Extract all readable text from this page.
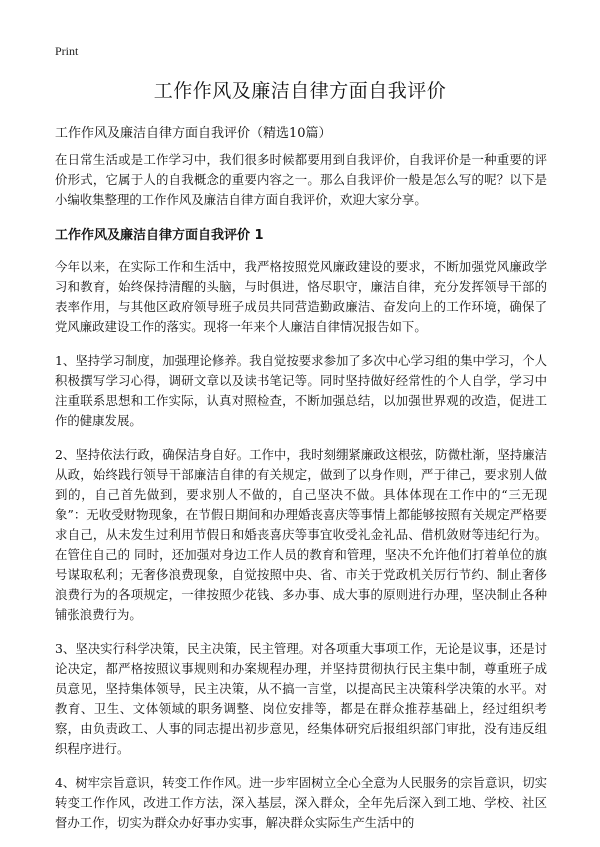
Print
工作作风及廉洁自律方面自我评价

工作作风及廉洁自律方面自我评价（精选10篇）

在日常生活或是工作学习中，我们很多时候都要用到自我评价，自我评价是一种重要的评价形式，它属于人的自我概念的重要内容之一。那么自我评价一般是怎么写的呢？以下是小编收集整理的工作作风及廉洁自律方面自我评价，欢迎大家分享。

工作作风及廉洁自律方面自我评价 1

今年以来，在实际工作和生活中，我严格按照党风廉政建设的要求，不断加强党风廉政学习和教育，始终保持清醒的头脑，与时俱进，恪尽职守，廉洁自律，充分发挥领导干部的表率作用，与其他区政府领导班子成员共同营造勤政廉洁、奋发向上的工作环境，确保了党风廉政建设工作的落实。现将一年来个人廉洁自律情况报告如下。

1、坚持学习制度，加强理论修养。我自觉按要求参加了多次中心学习组的集中学习，个人积极撰写学习心得，调研文章以及读书笔记等。同时坚持做好经常性的个人自学，学习中注重联系思想和工作实际，认真对照检查，不断加强总结，以加强世界观的改造，促进工作的健康发展。

2、坚持依法行政，确保洁身自好。工作中，我时刻绷紧廉政这根弦，防微杜渐，坚持廉洁从政，始终践行领导干部廉洁自律的有关规定，做到了以身作则，严于律己，要求别人做到的，自己首先做到，要求别人不做的，自己坚决不做。具体体现在工作中的“三无现象”：无收受财物现象，在节假日期间和办理婚丧喜庆等事情上都能够按照有关规定严格要求自己，从未发生过利用节假日和婚丧喜庆等事宜收受礼金礼品、借机敛财等违纪行为。在管住自己的 同时，还加强对身边工作人员的教育和管理，坚决不允许他们打着单位的旗号谋取私利；无奢侈浪费现象，自觉按照中央、省、市关于党政机关厉行节约、制止奢侈浪费行为的各项规定，一律按照少花钱、多办事、成大事的原则进行办理，坚决制止各种铺张浪费行为。

3、坚决实行科学决策，民主决策，民主管理。对各项重大事项工作，无论是议事，还是讨论决定，都严格按照议事规则和办案规程办理，并坚持贯彻执行民主集中制，尊重班子成员意见，坚持集体领导，民主决策，从不搞一言堂，以提高民主决策科学决策的水平。对教育、卫生、文体领域的职务调整、岗位安排等，都是在群众推荐基础上，经过组织考察，由负责政工、人事的同志提出初步意见，经集体研究后报组织部门审批，没有违反组织程序进行。

4、树牢宗旨意识，转变工作作风。进一步牢固树立全心全意为人民服务的宗旨意识，切实转变工作作风，改进工作方法，深入基层，深入群众，全年先后深入到工地、学校、社区督办工作，切实为群众办好事办实事，解决群众实际生产生活中的
